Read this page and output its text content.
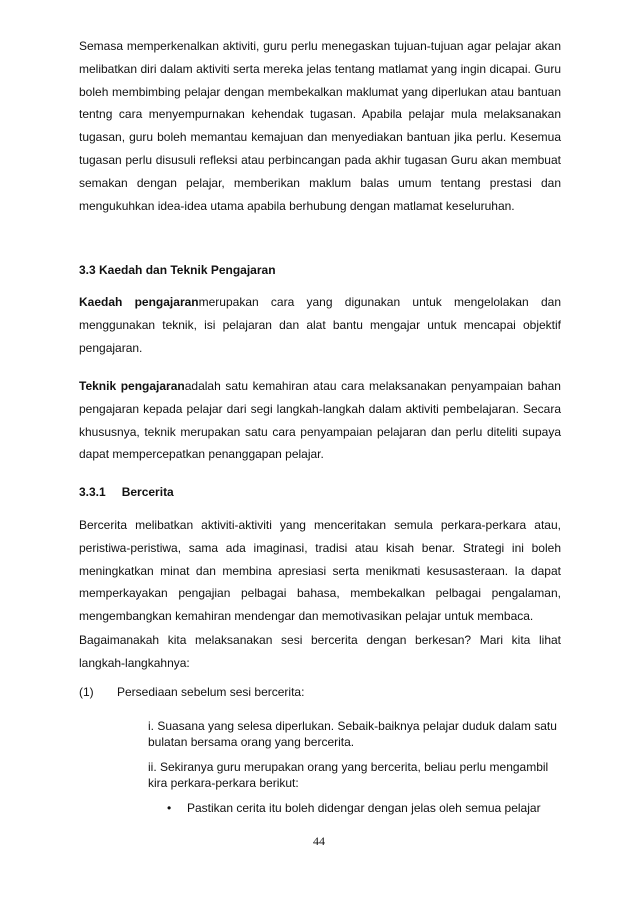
Semasa memperkenalkan aktiviti, guru perlu menegaskan tujuan-tujuan agar pelajar akan melibatkan diri dalam aktiviti serta mereka jelas tentang matlamat yang ingin dicapai. Guru boleh membimbing pelajar dengan membekalkan maklumat yang diperlukan atau bantuan tentng cara menyempurnakan kehendak tugasan. Apabila pelajar mula melaksanakan tugasan, guru boleh memantau kemajuan dan menyediakan bantuan jika perlu. Kesemua tugasan perlu disusuli refleksi atau perbincangan pada akhir tugasan Guru akan membuat semakan dengan pelajar, memberikan maklum balas umum tentang prestasi dan mengukuhkan idea-idea utama apabila berhubung dengan matlamat keseluruhan.

3.3 Kaedah dan Teknik Pengajaran

Kaedah pengajaranmerupakan cara yang digunakan untuk mengelolakan dan menggunakan teknik, isi pelajaran dan alat bantu mengajar untuk mencapai objektif pengajaran.

Teknik pengajaranadalah satu kemahiran atau cara melaksanakan penyampaian bahan pengajaran kepada pelajar dari segi langkah-langkah dalam aktiviti pembelajaran. Secara khususnya, teknik merupakan satu cara penyampaian pelajaran dan perlu diteliti supaya dapat mempercepatkan penanggapan pelajar.

3.3.1 Bercerita

Bercerita melibatkan aktiviti-aktiviti yang menceritakan semula perkara-perkara atau, peristiwa-peristiwa, sama ada imaginasi, tradisi atau kisah benar. Strategi ini boleh meningkatkan minat dan membina apresiasi serta menikmati kesusasteraan. Ia dapat memperkayakan pengajian pelbagai bahasa, membekalkan pelbagai pengalaman, mengembangkan kemahiran mendengar dan memotivasikan pelajar untuk membaca.

Bagaimanakah kita melaksanakan sesi bercerita dengan berkesan? Mari kita lihat langkah-langkahnya:

(1) Persediaan sebelum sesi bercerita:

i. Suasana yang selesa diperlukan. Sebaik-baiknya pelajar duduk dalam satu bulatan bersama orang yang bercerita.

ii. Sekiranya guru merupakan orang yang bercerita, beliau perlu mengambil kira perkara-perkara berikut:

• Pastikan cerita itu boleh didengar dengan jelas oleh semua pelajar

44
